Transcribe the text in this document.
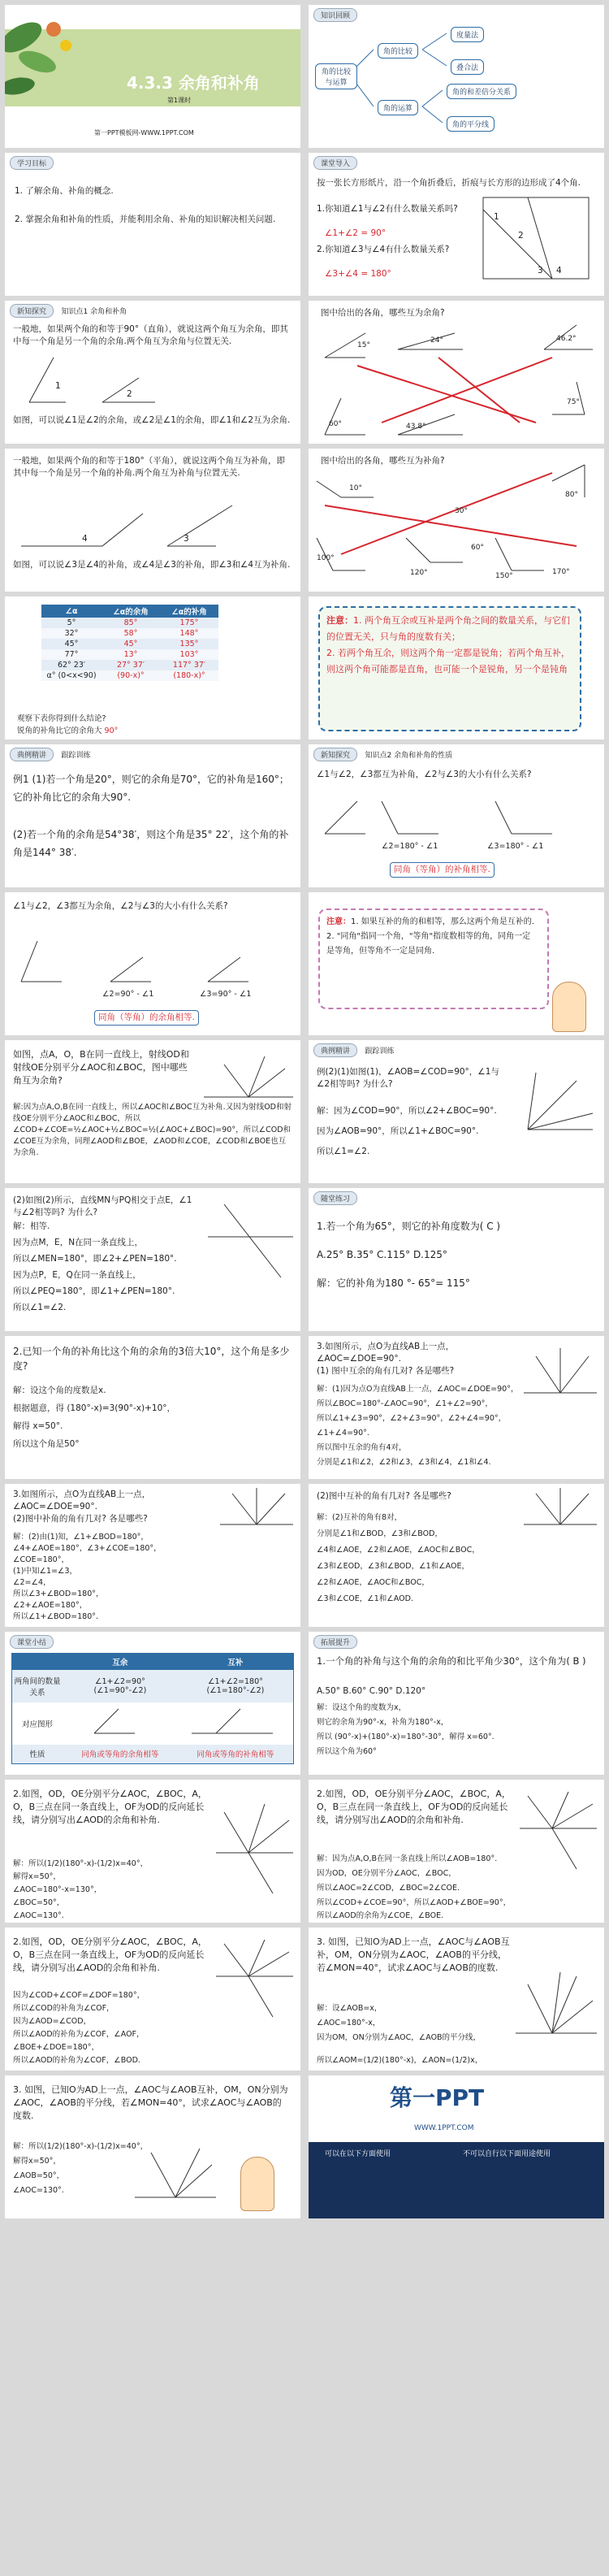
4.3.3 余角和补角
第1课时
第一PPT模板网-WWW.1PPT.COM
知识回顾
角的比较与运算
角的比较
度量法
叠合法
角的运算
角的和差倍分关系
角的平分线
学习目标
1. 了解余角、补角的概念.
2. 掌握余角和补角的性质，并能利用余角、补角的知识解决相关问题.
课堂导入
按一张长方形纸片，沿一个角折叠后，折痕与长方形的边形成了4个角.
1.你知道∠1与∠2有什么数量关系吗?
∠1+∠2 = 90°
2.你知道∠3与∠4有什么数量关系?
∠3+∠4 = 180°
1
2
3 4
新知探究 知识点1 余角和补角
一般地，如果两个角的和等于90°（直角），就说这两个角互为余角，即其中每一个角是另一个角的余角.两个角互为余角与位置无关.
1
2
如图，可以说∠1是∠2的余角，或∠2是∠1的余角，即∠1和∠2互为余角.
图中给出的各角，哪些互为余角?
15°
24°	46.2°
60°	43.8°
75°
一般地，如果两个角的和等于180°（平角），就说这两个角互为补角，即其中每一个角是另一个角的补角.两个角互为补角与位置无关.
4	3
如图，可以说∠3是∠4的补角，或∠4是∠3的补角，即∠3和∠4互为补角.
图中给出的各角，哪些互为补角?
10°
80°
30°
100°
120°	150°	170°
60°
∠α	∠α的余角	∠α的补角
5°	85°	175°
32°	58°	148°
45°	45°	135°
77°	13°	103°
62° 23′	27° 37′	117° 37′
α° (0<x<90)	(90-x)°	(180-x)°
观察下表你得到什么结论?
锐角的补角比它的余角大 90°
注意：1. 两个角互余或互补是两个角之间的数量关系，与它们的位置无关，只与角的度数有关；
2. 若两个角互余，则这两个角一定都是锐角；若两个角互补，则这两个角可能都是直角，也可能一个是锐角，另一个是钝角
典例精讲 跟踪训练
例1 (1)若一个角是20°，则它的余角是70°，它的补角是160°；它的补角比它的余角大90°.
(2)若一个角的余角是54°38′，则这个角是35° 22′，这个角的补角是144° 38′.
新知探究 知识点2 余角和补角的性质
∠1与∠2，∠3都互为补角，∠2与∠3的大小有什么关系?
∠2=180° - ∠1	∠3=180° - ∠1
同角（等角）的补角相等.
∠1与∠2，∠3都互为余角，∠2与∠3的大小有什么关系?
∠2=90° - ∠1	∠3=90° - ∠1
同角（等角）的余角相等.
注意：1. 如果互补的角的和相等，那么这两个角是互补的.
2. "同角"指同一个角，"等角"指度数相等的角，同角一定是等角，但等角不一定是同角.
如图，点A，O，B在同一直线上，射线OD和射线OE分别平分∠AOC和∠BOC，图中哪些角互为余角?
解:因为点A,O,B在同一直线上，所以∠AOC和∠BOC互为补角.又因为射线OD和射线OE分别平分∠AOC和∠BOC，所以∠COD+∠COE=½∠AOC+½∠BOC=½(∠AOC+∠BOC)=90°，所以∠COD和∠COE互为余角，同理∠AOD和∠BOE，∠AOD和∠COE，∠COD和∠BOE也互为余角.
典例精讲 跟踪训练
例(2)(1)如图(1)，∠AOB=∠COD=90°，∠1与∠2相等吗? 为什么?
解：因为∠COD=90°，所以∠2+∠BOC=90°.
因为∠AOB=90°，所以∠1+∠BOC=90°.
所以∠1=∠2.
(2)如图(2)所示，直线MN与PQ相交于点E，∠1与∠2相等吗? 为什么?
解：相等.
因为点M，E，N在同一条直线上，
所以∠MEN=180°，即∠2+∠PEN=180°.
因为点P，E，Q在同一条直线上，
所以∠PEQ=180°，即∠1+∠PEN=180°.
所以∠1=∠2.
随堂练习
1.若一个角为65°，则它的补角度数为( C )
A.25° B.35° C.115° D.125°
解：它的补角为180 °- 65°= 115°
2.已知一个角的补角比这个角的余角的3倍大10°，这个角是多少度?
解：设这个角的度数是x.
根据题意，得 (180°-x)=3(90°-x)+10°，
解得 x=50°.
所以这个角是50°
3.如图所示，点O为直线AB上一点，∠AOC=∠DOE=90°.
(1) 图中互余的角有几对? 各是哪些?
解：(1)因为点O为直线AB上一点，∠AOC=∠DOE=90°，
所以∠BOC=180°-∠AOC=90°，∠1+∠2=90°，
所以∠1+∠3=90°，∠2+∠3=90°，∠2+∠4=90°，
∠1+∠4=90°.
所以图中互余的角有4对，
分别是∠1和∠2，∠2和∠3，∠3和∠4，∠1和∠4.
3.如图所示，点O为直线AB上一点，∠AOC=∠DOE=90°.
(2)图中补角的角有几对? 各是哪些?
解：(2)由(1)知，∠1+∠BOD=180°，
∠4+∠AOE=180°，∠3+∠COE=180°，
∠COE=180°，
(1)中知∠1=∠3，
∠2=∠4，
所以∠3+∠BOD=180°，
∠2+∠AOE=180°，
所以∠1+∠BOD=180°.
(2)图中互补的角有几对? 各是哪些?
解：(2)互补的角有8对，
分别是∠1和∠BOD，∠3和∠BOD，
∠4和∠AOE，∠2和∠AOE，∠AOC和∠BOC，
∠3和∠EOD，∠3和∠BOD，∠1和∠AOE，
∠2和∠AOE，∠AOC和∠BOC，
∠3和∠COE，∠1和∠AOD.
课堂小结
	互余	互补
两角间的数量关系	∠1+∠2=90°
(∠1=90°-∠2)	∠1+∠2=180°
(∠1=180°-∠2)
对应图形		
性质	同角或等角的余角相等	同角或等角的补角相等
拓展提升
1.一个角的补角与这个角的余角的和比平角少30°，这个角为( B )
A.50° B.60° C.90° D.120°
解：设这个角的度数为x，
则它的余角为90°-x，补角为180°-x，
所以 (90°-x)+(180°-x)=180°-30°，解得 x=60°.
所以这个角为60°
2.如图，OD，OE分别平分∠AOC，∠BOC，A，O，B三点在同一条直线上，OF为OD的反向延长线，请分别写出∠AOD的余角和补角.
解：所以(1/2)(180°-x)-(1/2)x=40°，
解得x=50°，
∠AOC=180°-x=130°，
∠BOC=50°，
∠AOC=130°.
2.如图，OD，OE分别平分∠AOC，∠BOC，A，O，B三点在同一条直线上，OF为OD的反向延长线，请分别写出∠AOD的余角和补角.
解：因为点A,O,B在同一条直线上所以∠AOB=180°.
因为OD，OE分别平分∠AOC，∠BOC，
所以∠AOC=2∠COD，∠BOC=2∠COE.
所以∠COD+∠COE=90°，所以∠AOD+∠BOE=90°，
所以∠AOD的余角为∠COE，∠BOE.
2.如图，OD，OE分别平分∠AOC，∠BOC，A，O，B三点在同一条直线上，OF为OD的反向延长线，请分别写出∠AOD的余角和补角.
因为∠COD+∠COF=∠DOF=180°，
所以∠COD的补角为∠COF，
因为∠AOD=∠COD，
所以∠AOD的补角为∠COF，∠AOF，
∠BOE+∠DOE=180°，
所以∠AOD的补角为∠COF，∠BOD.
3. 如图，已知O为AD上一点，∠AOC与∠AOB互补，OM，ON分别为∠AOC，∠AOB的平分线，若∠MON=40°，试求∠AOC与∠AOB的度数.
解：设∠AOB=x，
∠AOC=180°-x，
因为OM，ON分别为∠AOC，∠AOB的平分线，
所以∠AOM=(1/2)(180°-x)，∠AON=(1/2)x，
3. 如图，已知O为AD上一点，∠AOC与∠AOB互补，OM，ON分别为∠AOC，∠AOB的平分线，若∠MON=40°，试求∠AOC与∠AOB的度数.
解：所以(1/2)(180°-x)-(1/2)x=40°，
解得x=50°，
∠AOB=50°，
∠AOC=130°.
第一PPT
WWW.1PPT.COM
可以在以下方面使用	不可以自行以下面用途使用
